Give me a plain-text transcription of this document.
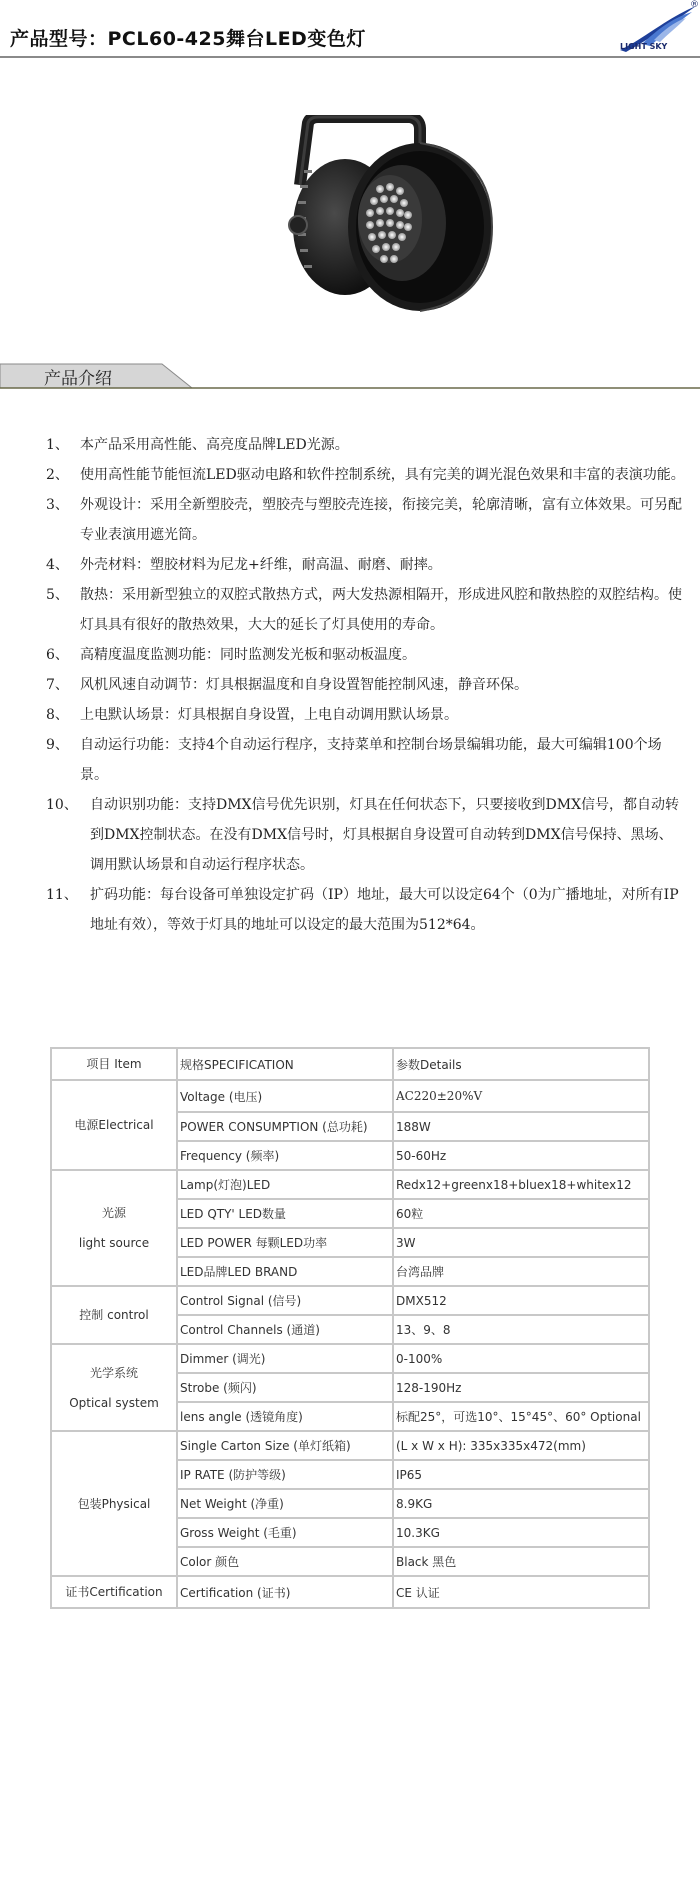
产品型号：PCL60-425舞台LED变色灯	LIGHT SKY
®
产品介绍
1、 本产品采用高性能、高亮度品牌LED光源。
2、 使用高性能节能恒流LED驱动电路和软件控制系统，具有完美的调光混色效果和丰富的表演功能。
3、 外观设计：采用全新塑胶壳，塑胶壳与塑胶壳连接，衔接完美，轮廓清晰，富有立体效果。可另配专业表演用遮光筒。
4、 外壳材料：塑胶材料为尼龙+纤维，耐高温、耐磨、耐摔。
5、 散热：采用新型独立的双腔式散热方式，两大发热源相隔开，形成进风腔和散热腔的双腔结构。使灯具具有很好的散热效果，大大的延长了灯具使用的寿命。
6、 高精度温度监测功能：同时监测发光板和驱动板温度。
7、 风机风速自动调节：灯具根据温度和自身设置智能控制风速，静音环保。
8、 上电默认场景：灯具根据自身设置，上电自动调用默认场景。
9、 自动运行功能：支持4个自动运行程序，支持菜单和控制台场景编辑功能，最大可编辑100个场景。
10、 自动识别功能：支持DMX信号优先识别，灯具在任何状态下，只要接收到DMX信号，都自动转到DMX控制状态。在没有DMX信号时，灯具根据自身设置可自动转到DMX信号保持、黑场、调用默认场景和自动运行程序状态。
11、 扩码功能：每台设备可单独设定扩码（IP）地址，最大可以设定64个（0为广播地址，对所有IP地址有效），等效于灯具的地址可以设定的最大范围为512*64。
项目 Item	规格SPECIFICATION	参数Details

电源Electrical	Voltage (电压)	AC220±20%V
	POWER CONSUMPTION (总功耗)	188W
	Frequency (频率)	50-60Hz

光源
light source	Lamp(灯泡)LED	Redx12+greenx18+bluex18+whitex12
	LED QTY' LED数量	60粒
	LED POWER 每颗LED功率	3W
	LED品牌LED BRAND	台湾品牌

控制 control	Control Signal (信号)	DMX512
	Control Channels (通道)	13、9、8

光学系统
Optical system	Dimmer (调光)	0-100%
	Strobe (频闪)	128-190Hz
	lens angle (透镜角度)	标配25°，可选10°、15°45°、60° Optional

包装Physical	Single Carton Size (单灯纸箱)	(L x W x H): 335x335x472(mm)
	IP RATE (防护等级)	IP65
	Net Weight (净重)	8.9KG
	Gross Weight (毛重)	10.3KG
	Color 颜色	Black 黑色

证书Certification	Certification (证书)	CE 认证
